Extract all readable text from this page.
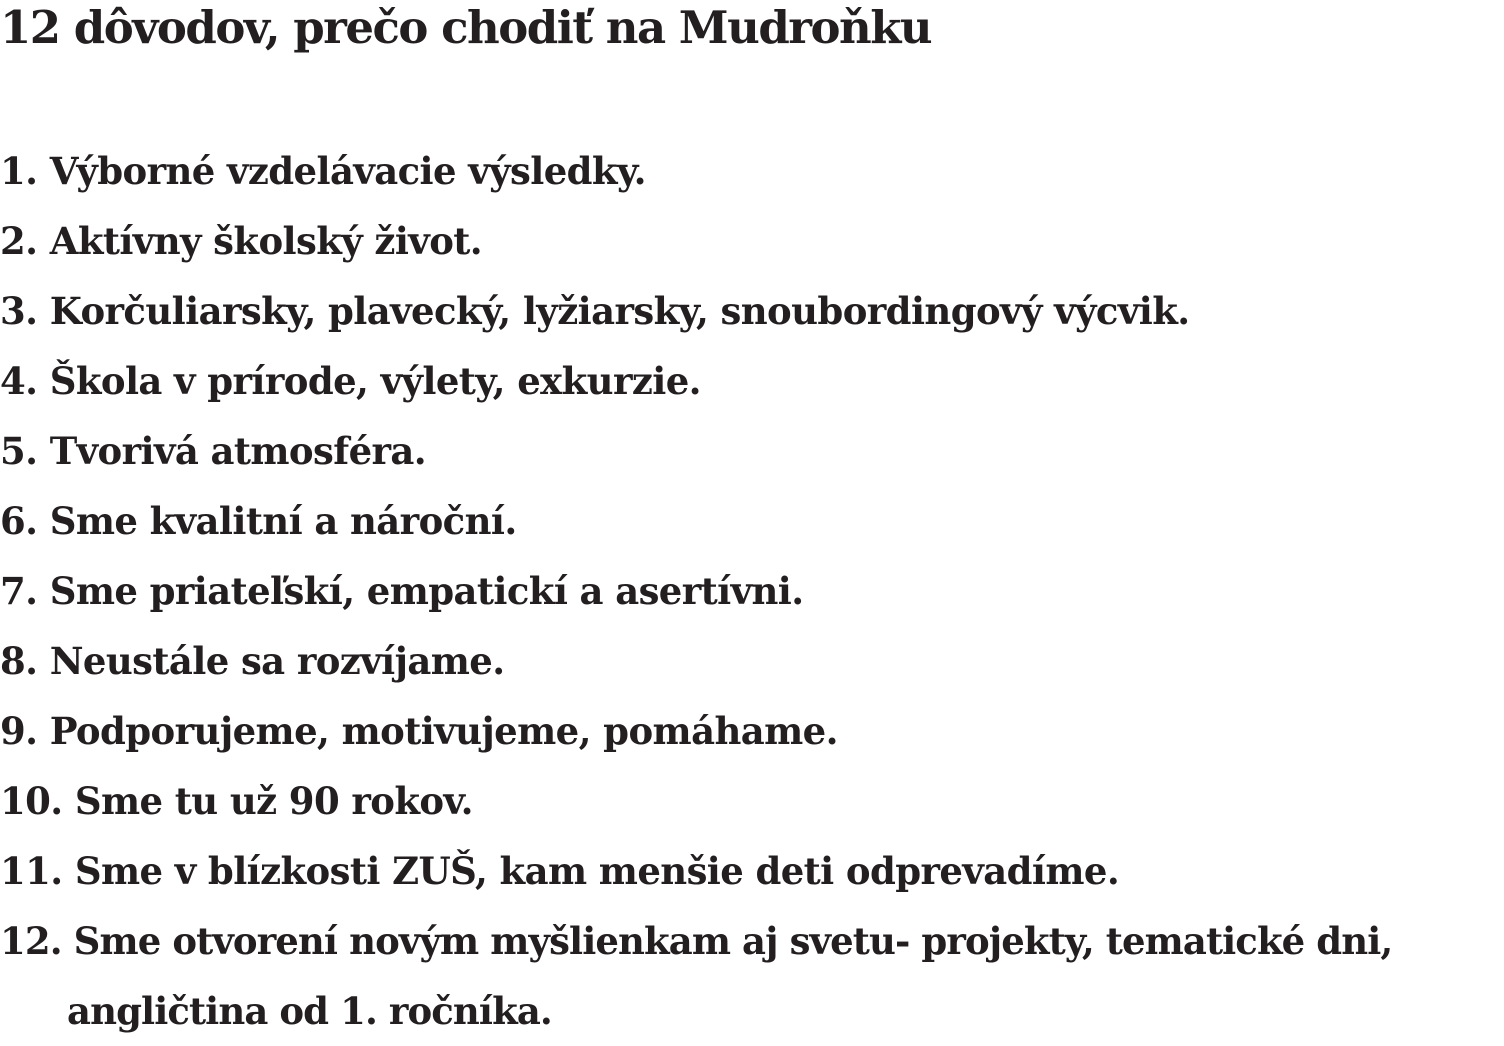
12 dôvodov, prečo chodiť na Mudroňku
1. Výborné vzdelávacie výsledky.
2. Aktívny školský život.
3. Korčuliarsky, plavecký, lyžiarsky, snoubordingový výcvik.
4. Škola v prírode, výlety, exkurzie.
5. Tvorivá atmosféra.
6. Sme kvalitní a nároční.
7. Sme priateľskí, empatickí a asertívni.
8. Neustále sa rozvíjame.
9. Podporujeme, motivujeme, pomáhame.
10. Sme tu už 90 rokov.
11. Sme v blízkosti ZUŠ, kam menšie deti odprevadíme.
12. Sme otvorení novým myšlienkam aj svetu- projekty, tematické dni, angličtina od 1. ročníka.
